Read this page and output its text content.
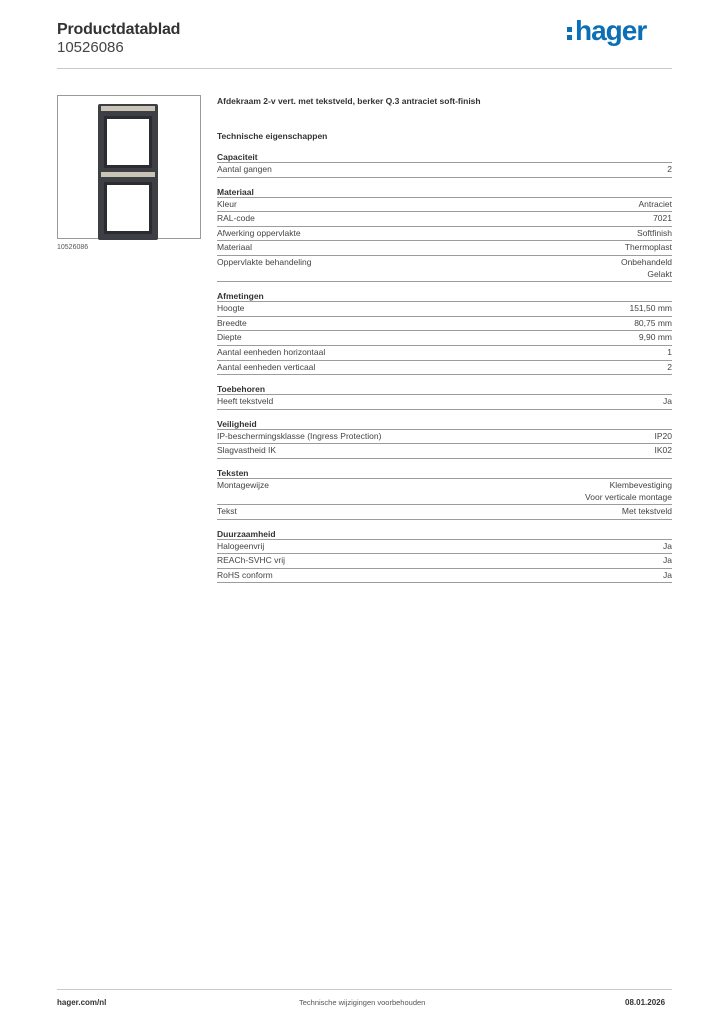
Productdatablad
10526086
hager
10526086
Afdekraam 2-v vert. met tekstveld, berker Q.3 antraciet soft-finish
Technische eigenschappen
Capaciteit
Aantal gangen	2
Materiaal
Kleur	Antraciet
RAL-code	7021
Afwerking oppervlakte	Softfinish
Materiaal	Thermoplast
Oppervlakte behandeling	Onbehandeld
Gelakt
Afmetingen
Hoogte	151,50 mm
Breedte	80,75 mm
Diepte	9,90 mm
Aantal eenheden horizontaal	1
Aantal eenheden verticaal	2
Toebehoren
Heeft tekstveld	Ja
Veiligheid
IP-beschermingsklasse (Ingress Protection)	IP20
Slagvastheid IK	IK02
Teksten
Montagewijze	Klembevestiging
Voor verticale montage
Tekst	Met tekstveld
Duurzaamheid
Halogeenvrij	Ja
REACh-SVHC vrij	Ja
RoHS conform	Ja
hager.com/nl	Technische wijzigingen voorbehouden	08.01.2026
